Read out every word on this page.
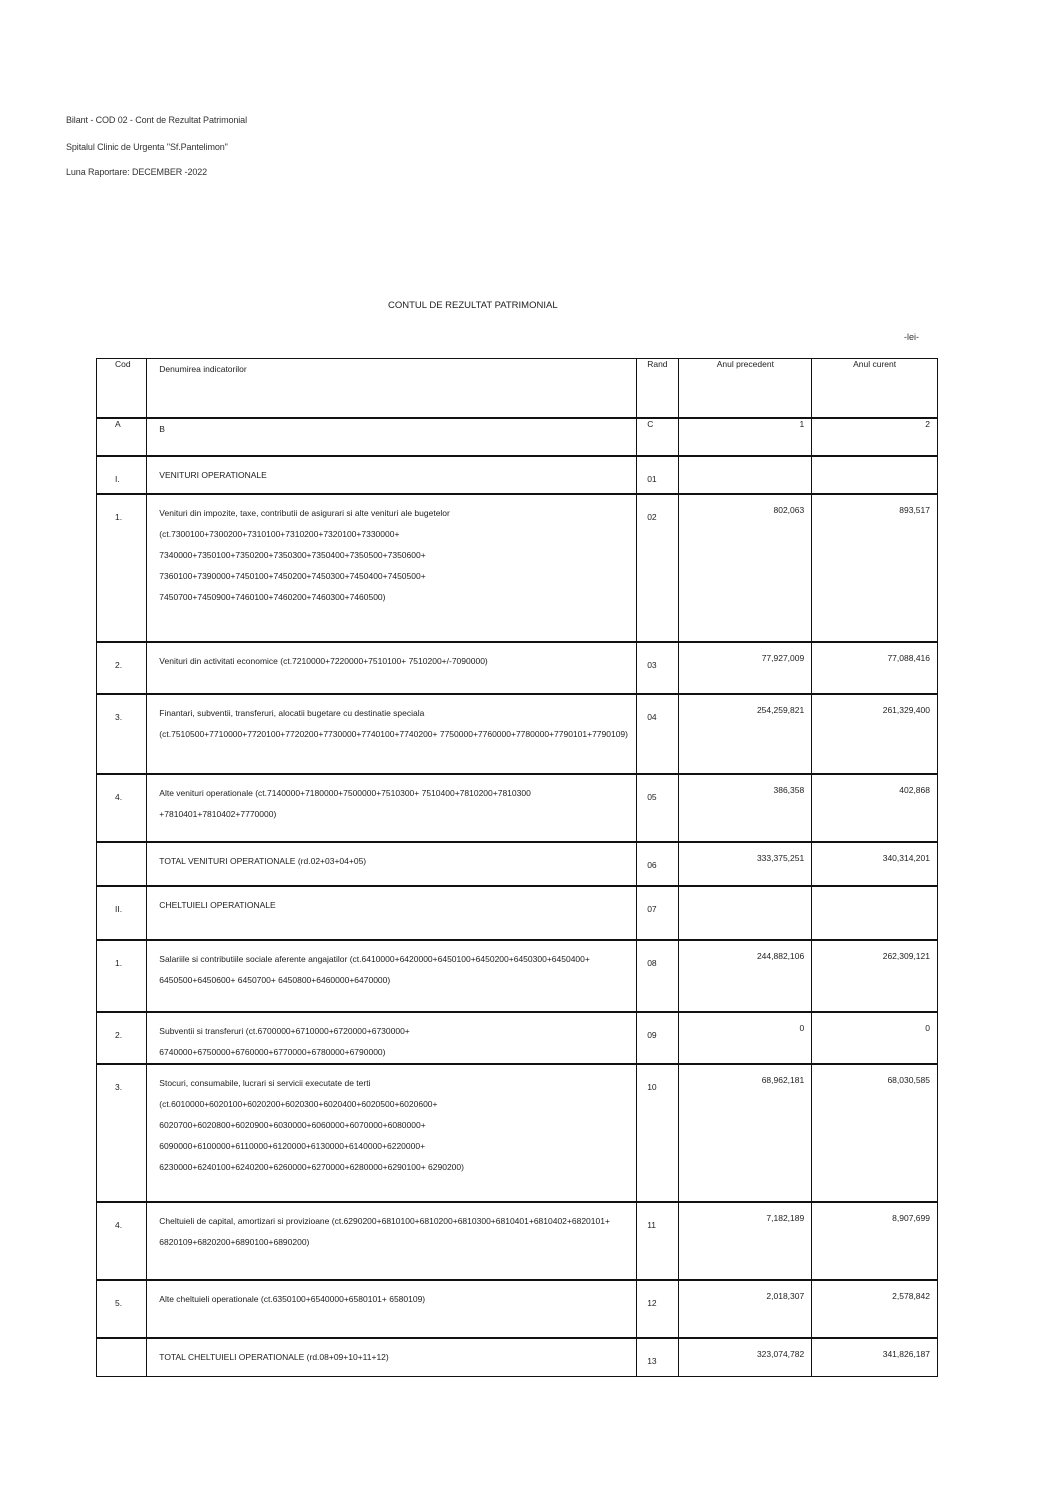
Bilant - COD 02 - Cont de Rezultat Patrimonial
Spitalul Clinic de Urgenta "Sf.Pantelimon"
Luna Raportare: DECEMBER -2022
CONTUL DE REZULTAT PATRIMONIAL
-lei-
Cod	Denumirea indicatorilor	Rand	Anul precedent	Anul curent
A	B	C	1	2
I.	VENITURI OPERATIONALE	01		
1.	Venituri din impozite, taxe, contributii de asigurari si alte venituri ale bugetelor (ct.7300100+7300200+7310100+7310200+7320100+7330000+ 7340000+7350100+7350200+7350300+7350400+7350500+7350600+ 7360100+7390000+7450100+7450200+7450300+7450400+7450500+ 7450700+7450900+7460100+7460200+7460300+7460500)	02	802,063	893,517
2.	Venituri din activitati economice (ct.7210000+7220000+7510100+ 7510200+/-7090000)	03	77,927,009	77,088,416
3.	Finantari, subventii, transferuri, alocatii bugetare cu destinatie speciala (ct.7510500+7710000+7720100+7720200+7730000+7740100+7740200+ 7750000+7760000+7780000+7790101+7790109)	04	254,259,821	261,329,400
4.	Alte venituri operationale (ct.7140000+7180000+7500000+7510300+ 7510400+7810200+7810300 +7810401+7810402+7770000)	05	386,358	402,868
	TOTAL VENITURI OPERATIONALE (rd.02+03+04+05)	06	333,375,251	340,314,201
II.	CHELTUIELI OPERATIONALE	07		
1.	Salariile si contributiile sociale aferente angajatilor (ct.6410000+6420000+6450100+6450200+6450300+6450400+ 6450500+6450600+ 6450700+ 6450800+6460000+6470000)	08	244,882,106	262,309,121
2.	Subventii si transferuri (ct.6700000+6710000+6720000+6730000+ 6740000+6750000+6760000+6770000+6780000+6790000)	09	0	0
3.	Stocuri, consumabile, lucrari si servicii executate de terti (ct.6010000+6020100+6020200+6020300+6020400+6020500+6020600+ 6020700+6020800+6020900+6030000+6060000+6070000+6080000+ 6090000+6100000+6110000+6120000+6130000+6140000+6220000+ 6230000+6240100+6240200+6260000+6270000+6280000+6290100+ 6290200)	10	68,962,181	68,030,585
4.	Cheltuieli de capital, amortizari si provizioane (ct.6290200+6810100+6810200+6810300+6810401+6810402+6820101+ 6820109+6820200+6890100+6890200)	11	7,182,189	8,907,699
5.	Alte cheltuieli operationale (ct.6350100+6540000+6580101+ 6580109)	12	2,018,307	2,578,842
	TOTAL CHELTUIELI OPERATIONALE (rd.08+09+10+11+12)	13	323,074,782	341,826,187
